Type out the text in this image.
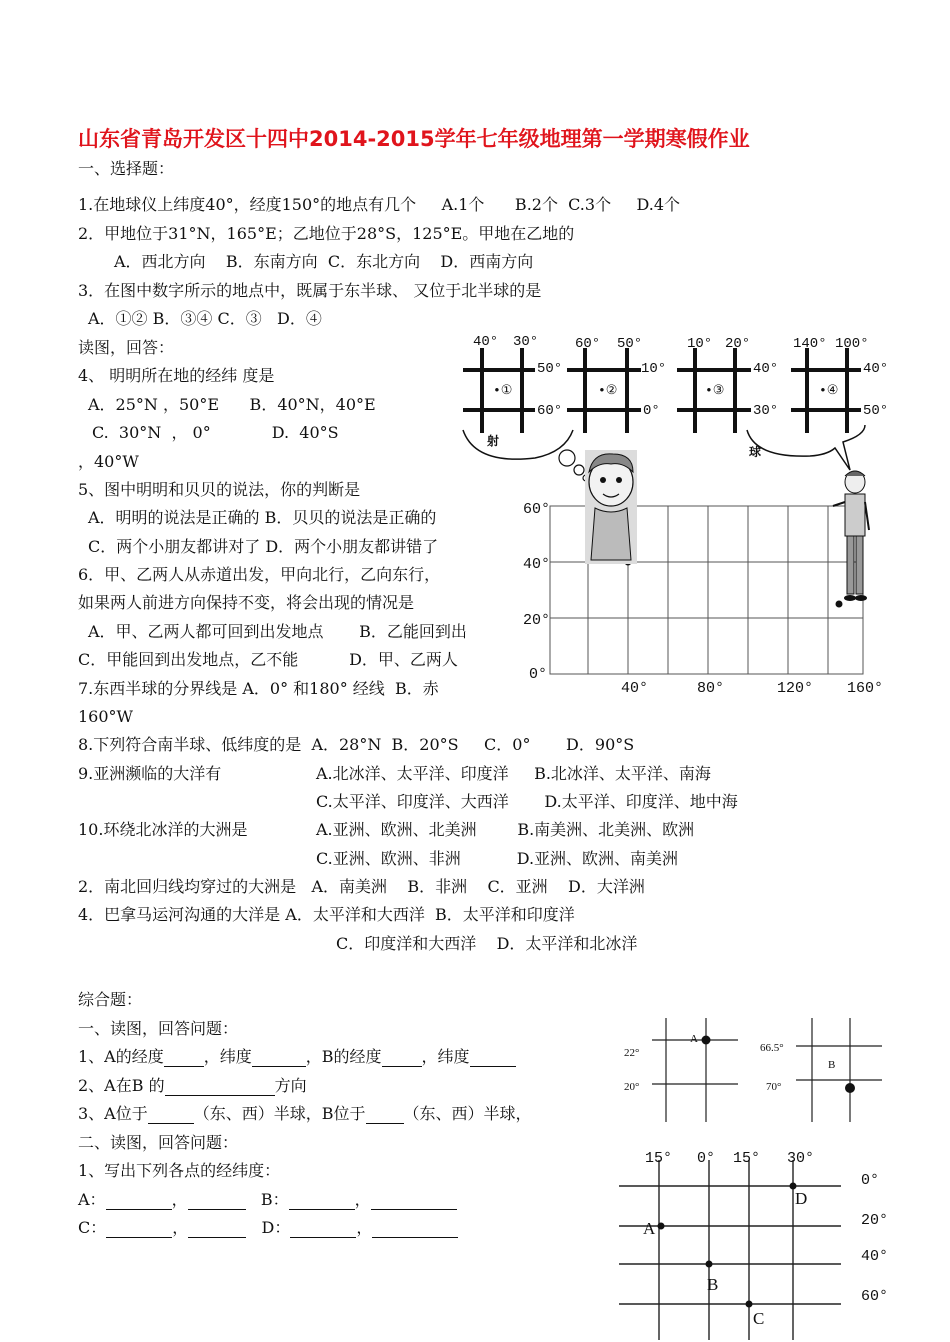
山东省青岛开发区十四中2014-2015学年七年级地理第一学期寒假作业
一、选择题：
1.在地球仪上纬度40°，经度150°的地点有几个     A.1个      B.2个  C.3个     D.4个
2．甲地位于31°N，165°E；乙地位于28°S，125°E。甲地在乙地的
A．西北方向    B．东南方向  C．东北方向    D．西南方向
3．在图中数字所示的地点中，既属于东半球、 又位于北半球的是
A．①② B．③④ C．③   D．④
读图，回答：
4、 明明所在地的经纬 度是
A．25°N ，50°E      B．40°N，40°E
C.  30°N  ， 0°            D.  40°S
，40°W
5、图中明明和贝贝的说法，你的判断是
A．明明的说法是正确的 B．贝贝的说法是正确的
C．两个小朋友都讲对了 D．两个小朋友都讲错了
6．甲、乙两人从赤道出发，甲向北行，乙向东行，
如果两人前进方向保持不变，将会出现的情况是
A．甲、乙两人都可回到出发地点       B．乙能回到出
C．甲能回到出发地点，乙不能          D．甲、乙两人
7.东西半球的分界线是 A．0° 和180° 经线  B．赤
160°W
8.下列符合南半球、低纬度的是  A．28°N  B．20°S     C．0°       D．90°S
9.亚洲濒临的大洋有	A.北冰洋、太平洋、印度洋     B.北冰洋、太平洋、南海
C.太平洋、印度洋、大西洋       D.太平洋、印度洋、地中海
10.环绕北冰洋的大洲是	A.亚洲、欧洲、北美洲        B.南美洲、北美洲、欧洲
C.亚洲、欧洲、非洲           D.亚洲、欧洲、南美洲
2．南北回归线均穿过的大洲是   A．南美洲    B．非洲    C．亚洲    D．大洋洲
4．巴拿马运河沟通的大洋是 A．太平洋和大西洋  B．太平洋和印度洋
C．印度洋和大西洋    D．太平洋和北冰洋
综合题：
一、读图，回答问题：
1、A的经度	，纬度	，B的经度	，纬度
2、A在B 的	方向
3、A位于	（东、西）半球，B位于 （东、西）半球，
二、读图，回答问题：
1、写出下列各点的经纬度：
A：	，	B：	，
C：	，	D：	，
40° 30°
50°
60°
•①
60° 50°
10°
0°
•②
10° 20°
40°
30°
•③
140° 100°
40°
50°
•④
射
球
60°
40°
20°
0°
40°	80°	120° 160°
22°
20°
A
66.5°
70°
B
15° 0° 15° 30°
0°
20°
40°
60°
A
B
C
D
